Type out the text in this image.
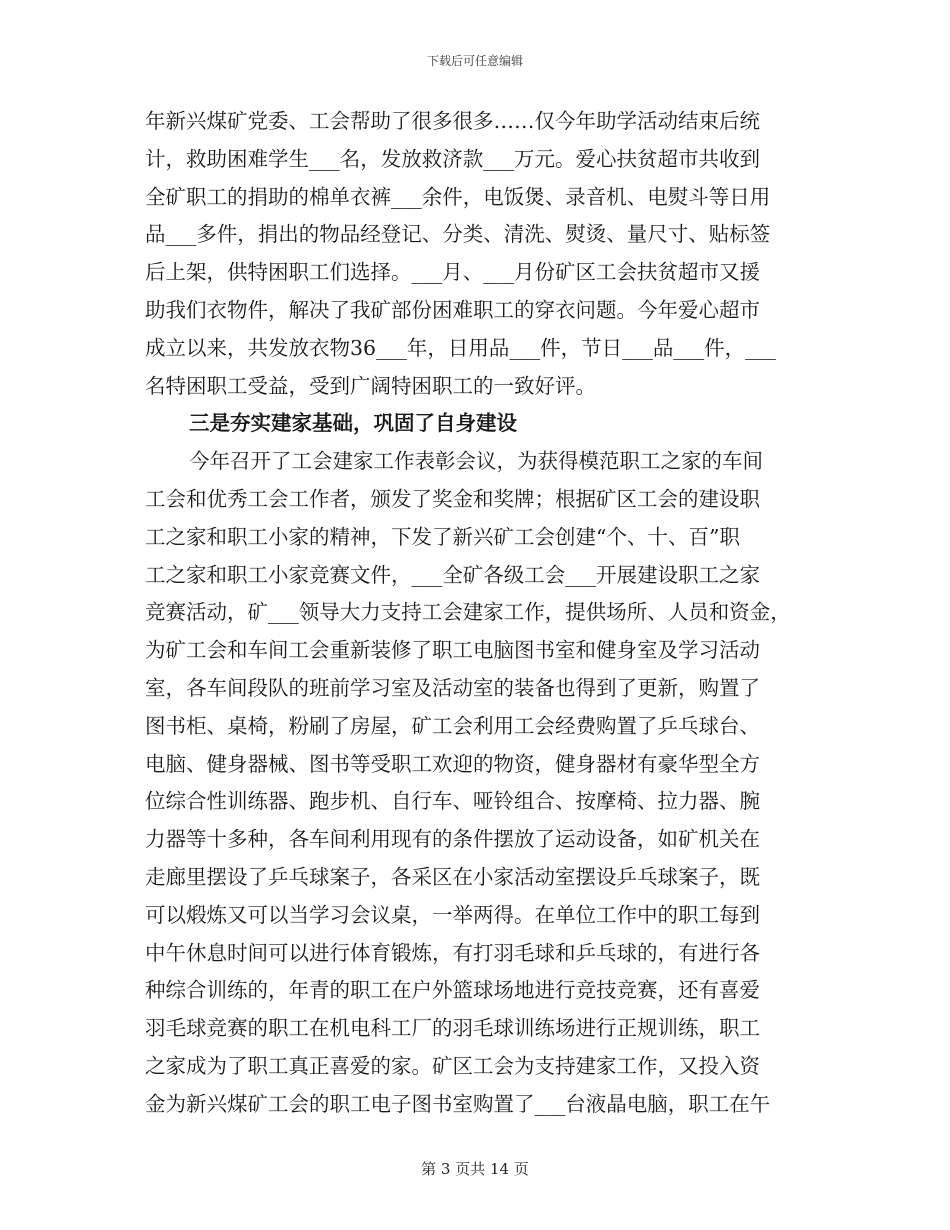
下载后可任意编辑
年新兴煤矿党委、工会帮助了很多很多……仅今年助学活动结束后统
计，救助困难学生___名，发放救济款___万元。爱心扶贫超市共收到
全矿职工的捐助的棉单衣裤___余件，电饭煲、录音机、电熨斗等日用
品___多件，捐出的物品经登记、分类、清洗、熨烫、量尺寸、贴标签
后上架，供特困职工们选择。___月、___月份矿区工会扶贫超市又援
助我们衣物件，解决了我矿部份困难职工的穿衣问题。今年爱心超市
成立以来，共发放衣物36___年，日用品___件，节日___品___件，___
名特困职工受益，受到广阔特困职工的一致好评。
三是夯实建家基础，巩固了自身建设
今年召开了工会建家工作表彰会议，为获得模范职工之家的车间
工会和优秀工会工作者，颁发了奖金和奖牌；根据矿区工会的建设职
工之家和职工小家的精神，下发了新兴矿工会创建“个、十、百”职
工之家和职工小家竞赛文件，___全矿各级工会___开展建设职工之家
竞赛活动，矿___领导大力支持工会建家工作，提供场所、人员和资金，
为矿工会和车间工会重新装修了职工电脑图书室和健身室及学习活动
室，各车间段队的班前学习室及活动室的装备也得到了更新，购置了
图书柜、桌椅，粉刷了房屋，矿工会利用工会经费购置了乒乓球台、
电脑、健身器械、图书等受职工欢迎的物资，健身器材有豪华型全方
位综合性训练器、跑步机、自行车、哑铃组合、按摩椅、拉力器、腕
力器等十多种，各车间利用现有的条件摆放了运动设备，如矿机关在
走廊里摆设了乒乓球案子，各采区在小家活动室摆设乒乓球案子，既
可以煅炼又可以当学习会议桌，一举两得。在单位工作中的职工每到
中午休息时间可以进行体育锻炼，有打羽毛球和乒乓球的，有进行各
种综合训练的，年青的职工在户外篮球场地进行竞技竞赛，还有喜爱
羽毛球竞赛的职工在机电科工厂的羽毛球训练场进行正规训练，职工
之家成为了职工真正喜爱的家。矿区工会为支持建家工作，又投入资
金为新兴煤矿工会的职工电子图书室购置了___台液晶电脑，职工在午
第 3 页共 14 页
